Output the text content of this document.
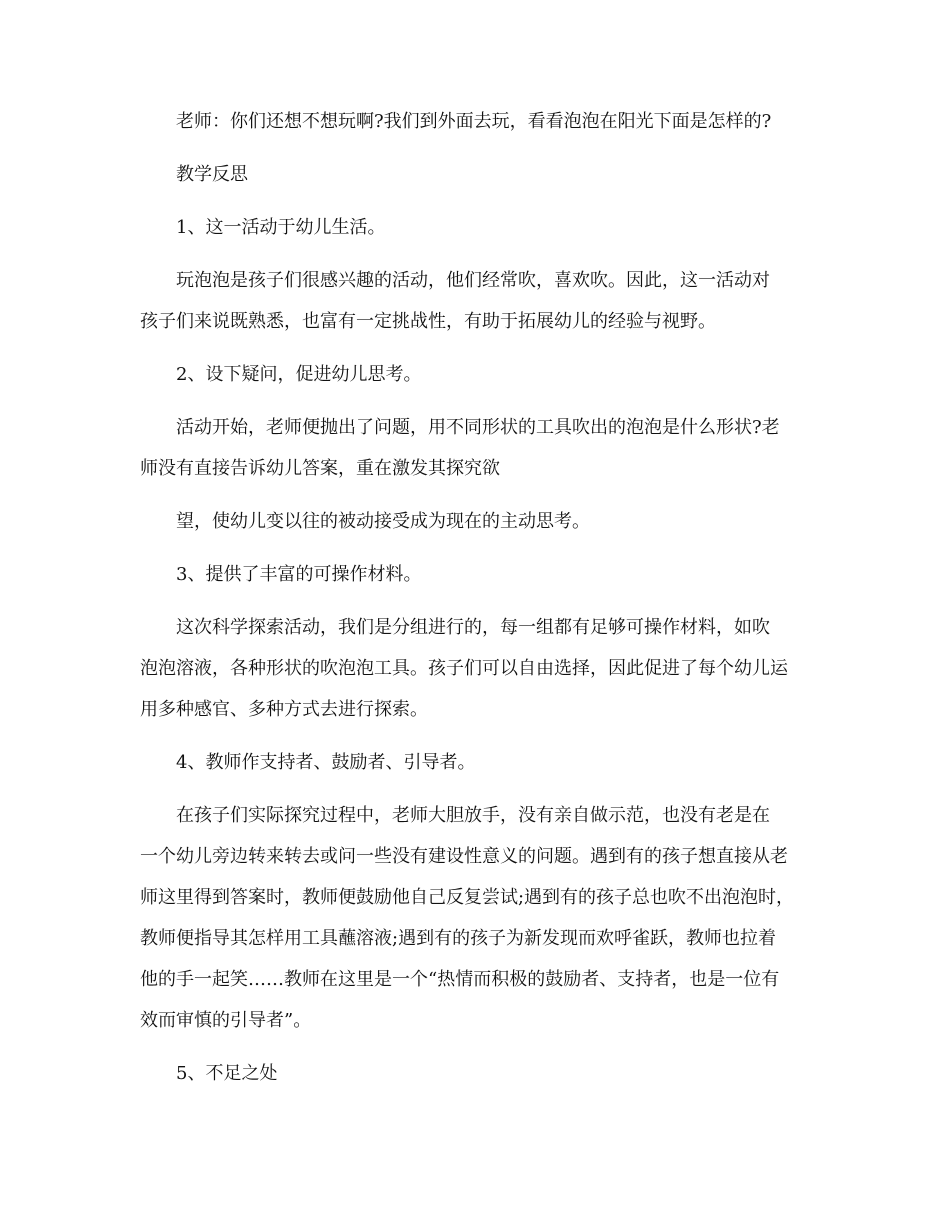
老师：你们还想不想玩啊?我们到外面去玩，看看泡泡在阳光下面是怎样的?

教学反思

1、这一活动于幼儿生活。

玩泡泡是孩子们很感兴趣的活动，他们经常吹，喜欢吹。因此，这一活动对

孩子们来说既熟悉，也富有一定挑战性，有助于拓展幼儿的经验与视野。

2、设下疑问，促进幼儿思考。

活动开始，老师便抛出了问题，用不同形状的工具吹出的泡泡是什么形状?老

师没有直接告诉幼儿答案，重在激发其探究欲

望，使幼儿变以往的被动接受成为现在的主动思考。

3、提供了丰富的可操作材料。

这次科学探索活动，我们是分组进行的，每一组都有足够可操作材料，如吹

泡泡溶液，各种形状的吹泡泡工具。孩子们可以自由选择，因此促进了每个幼儿运

用多种感官、多种方式去进行探索。

4、教师作支持者、鼓励者、引导者。

在孩子们实际探究过程中，老师大胆放手，没有亲自做示范，也没有老是在

一个幼儿旁边转来转去或问一些没有建设性意义的问题。遇到有的孩子想直接从老

师这里得到答案时，教师便鼓励他自己反复尝试;遇到有的孩子总也吹不出泡泡时，

教师便指导其怎样用工具蘸溶液;遇到有的孩子为新发现而欢呼雀跃，教师也拉着

他的手一起笑……教师在这里是一个“热情而积极的鼓励者、支持者，也是一位有

效而审慎的引导者”。

5、不足之处
